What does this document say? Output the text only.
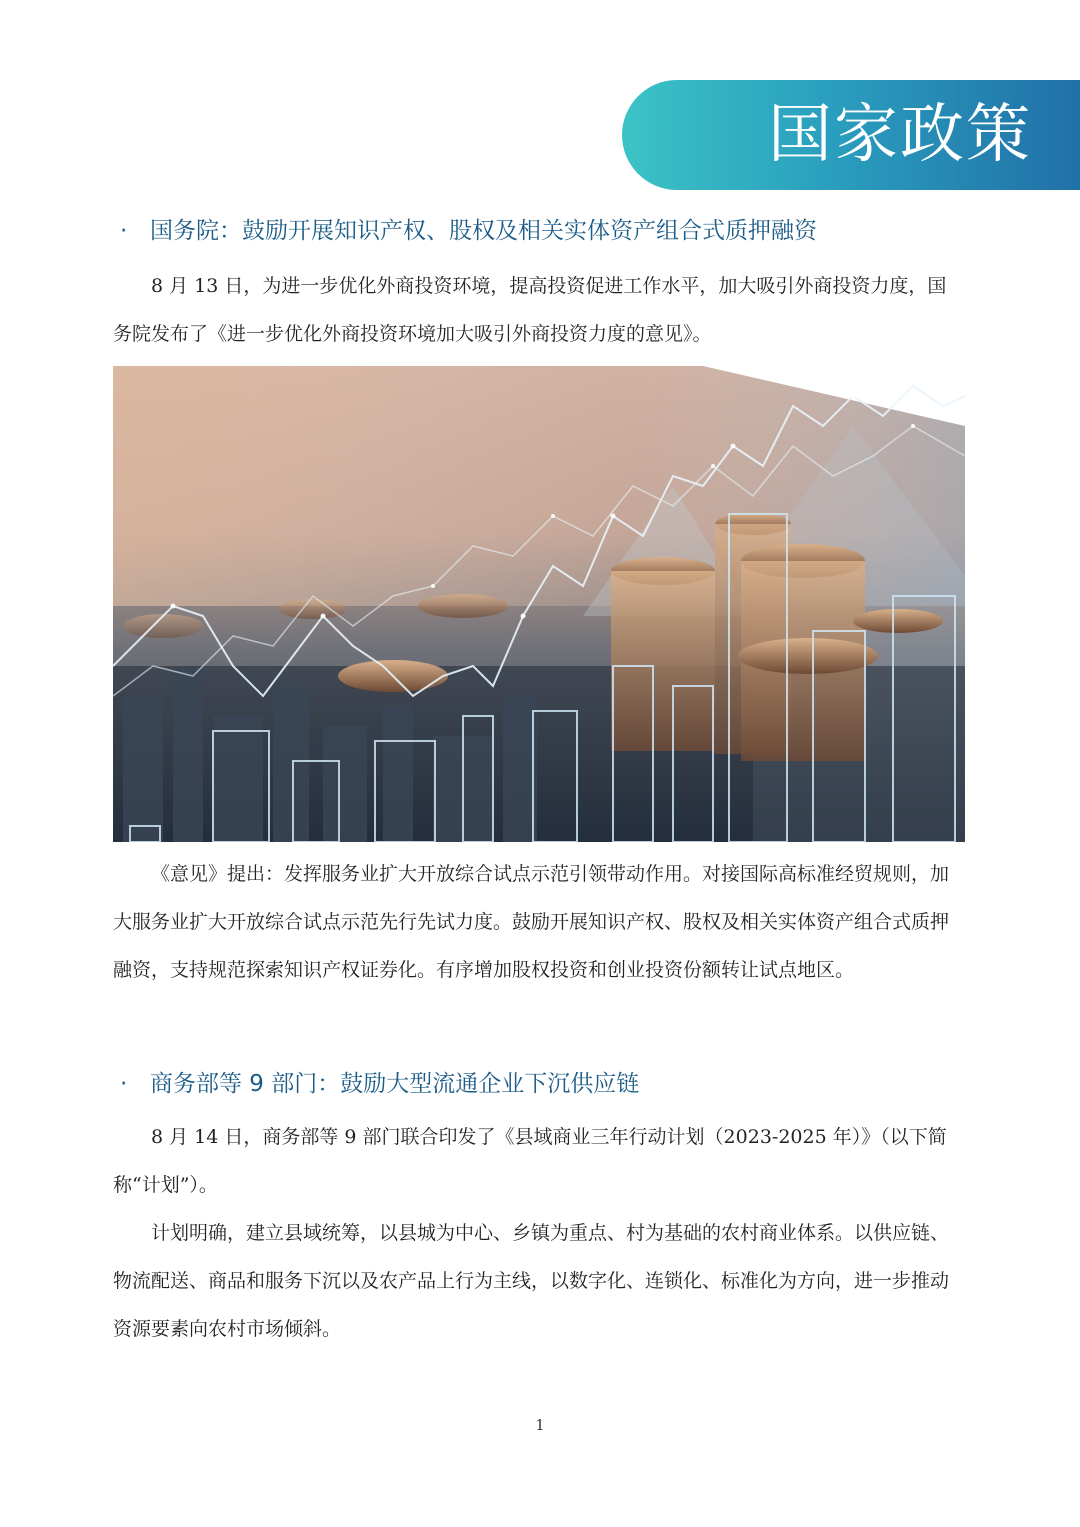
国家政策
· 国务院：鼓励开展知识产权、股权及相关实体资产组合式质押融资

8 月 13 日，为进一步优化外商投资环境，提高投资促进工作水平，加大吸引外商投资力度，国务院发布了《进一步优化外商投资环境加大吸引外商投资力度的意见》。

《意见》提出：发挥服务业扩大开放综合试点示范引领带动作用。对接国际高标准经贸规则，加大服务业扩大开放综合试点示范先行先试力度。鼓励开展知识产权、股权及相关实体资产组合式质押融资，支持规范探索知识产权证券化。有序增加股权投资和创业投资份额转让试点地区。

· 商务部等 9 部门：鼓励大型流通企业下沉供应链

8 月 14 日，商务部等 9 部门联合印发了《县域商业三年行动计划（2023-2025 年）》（以下简称“计划”）。

计划明确，建立县域统筹，以县城为中心、乡镇为重点、村为基础的农村商业体系。以供应链、物流配送、商品和服务下沉以及农产品上行为主线，以数字化、连锁化、标准化为方向，进一步推动资源要素向农村市场倾斜。

1
